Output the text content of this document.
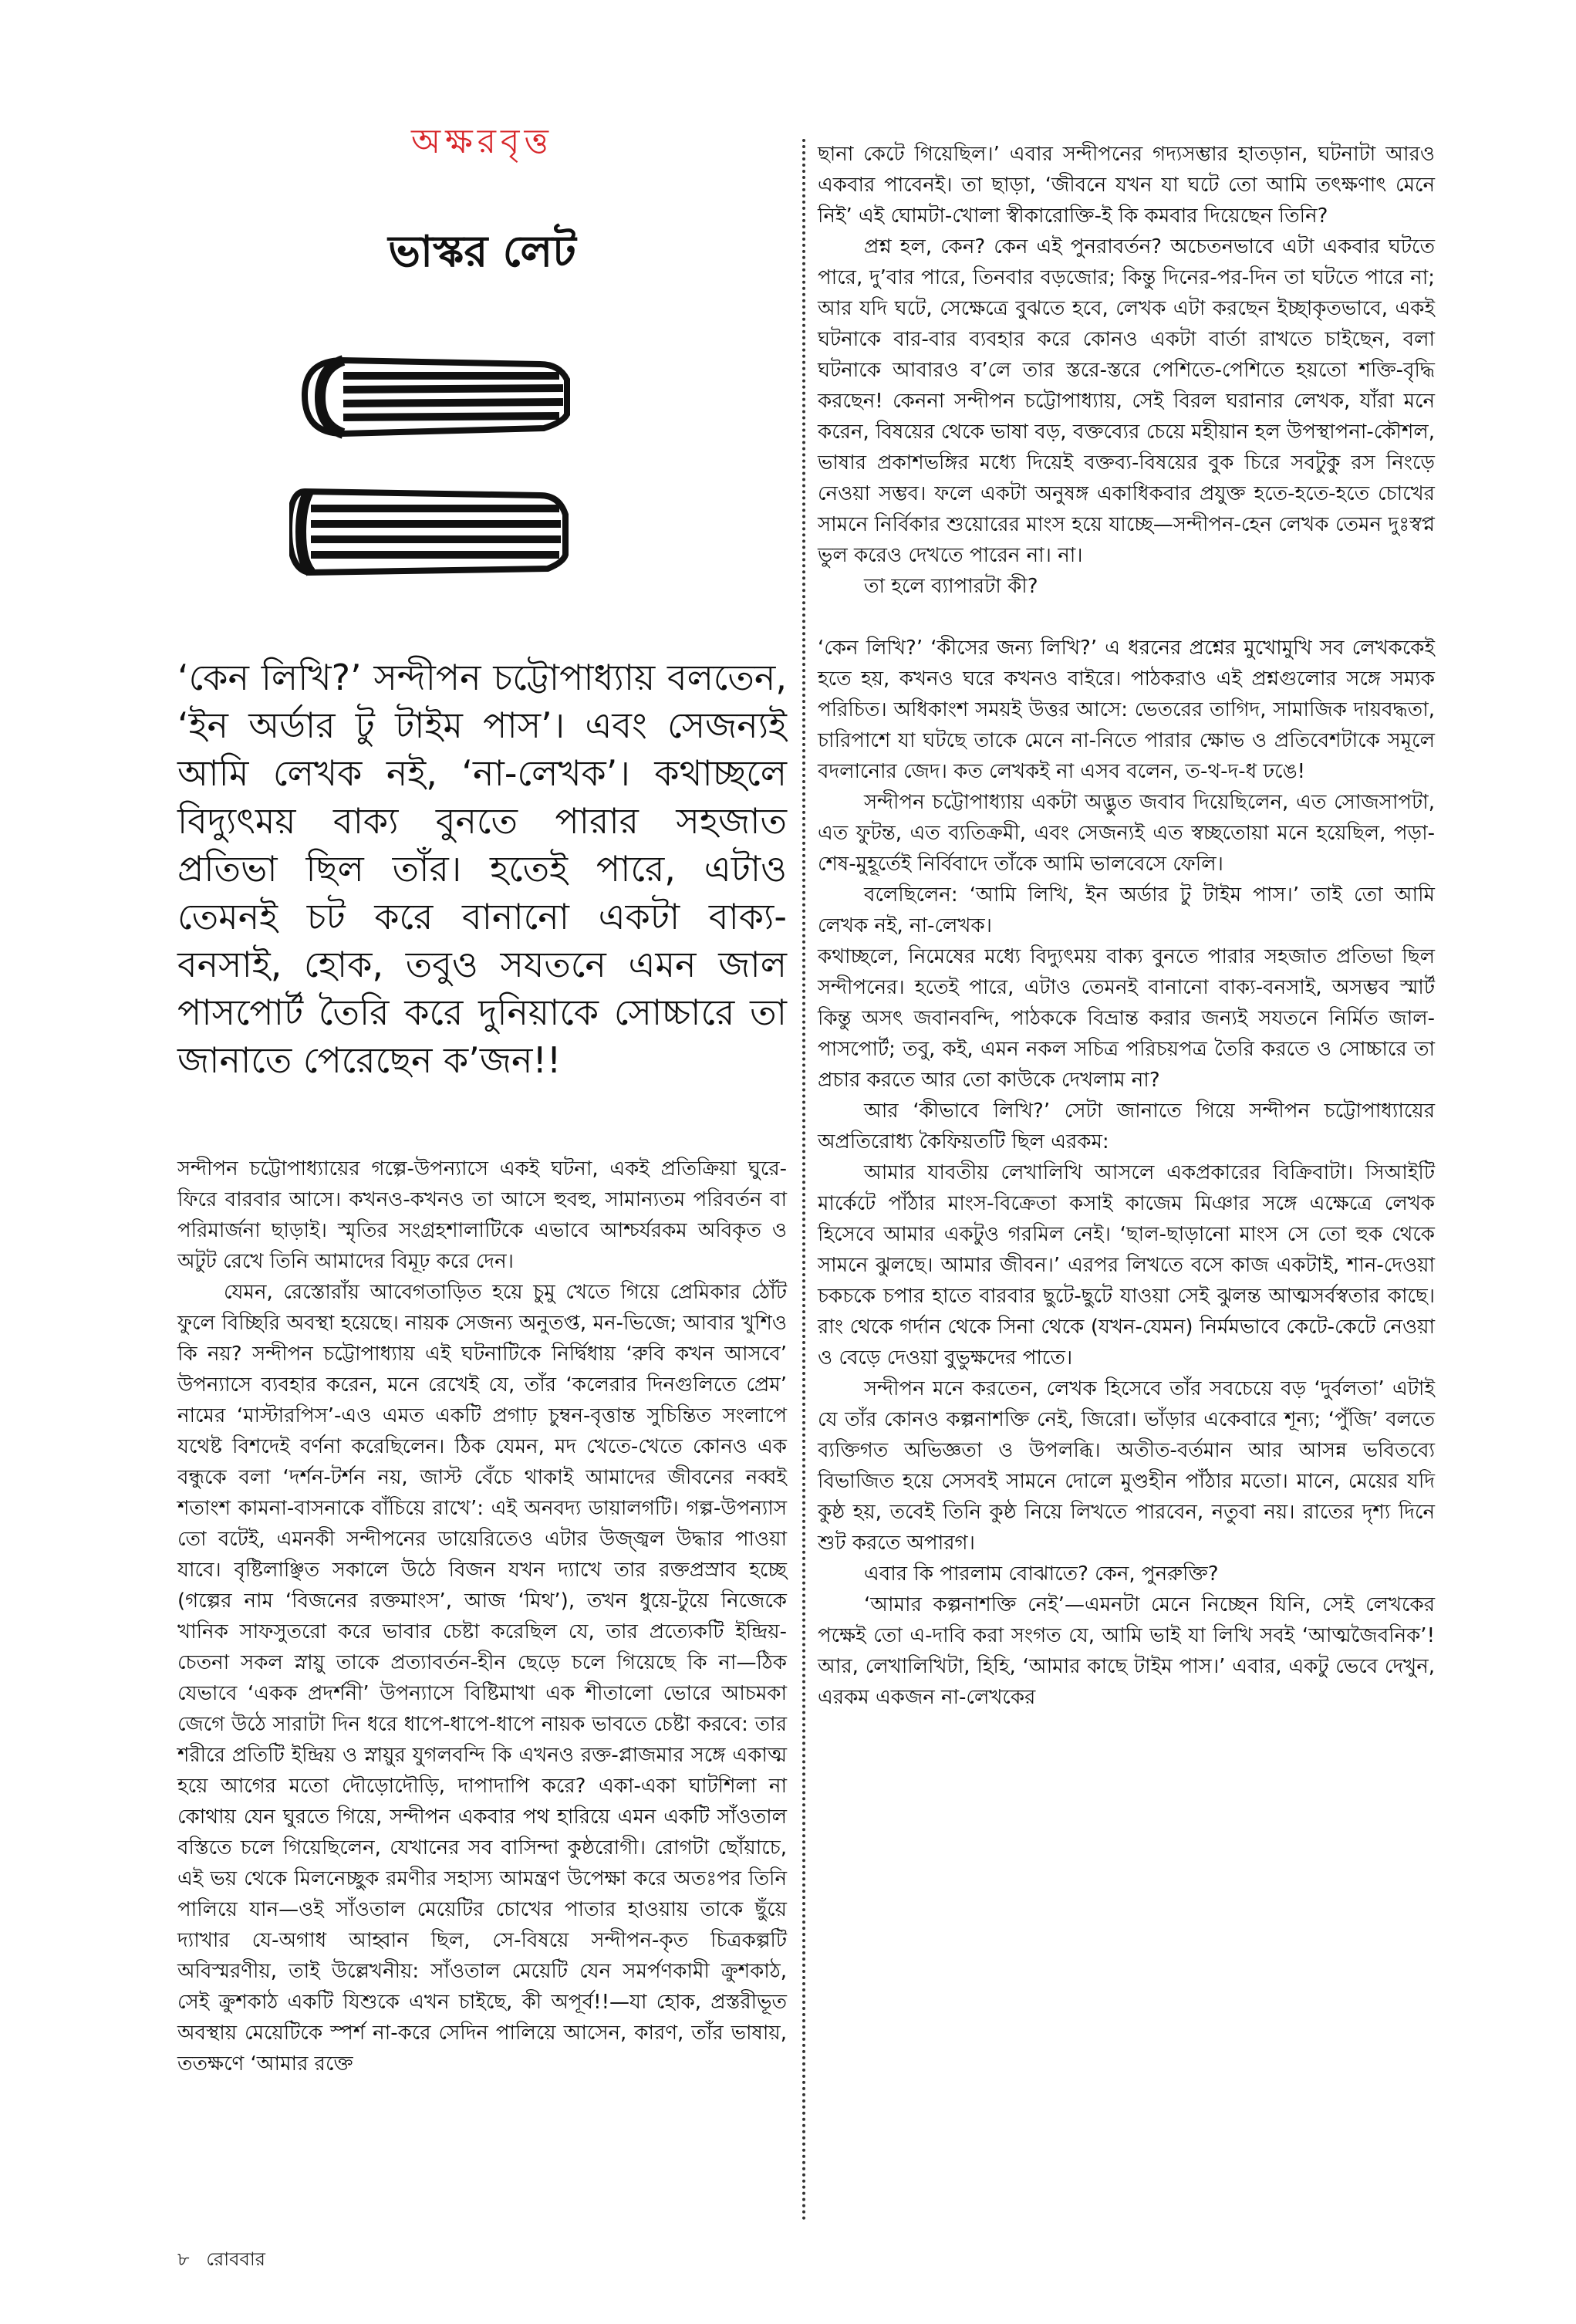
অক্ষরবৃত্ত
ভাস্কর লেট
‘কেন লিখি?’ সন্দীপন চট্টোপাধ্যায় বলতেন, ‘ইন অর্ডার টু টাইম পাস’। এবং সেজন্যই আমি লেখক নই, ‘না-লেখক’। কথাচ্ছলে বিদ্যুৎময় বাক্য বুনতে পারার সহজাত প্রতিভা ছিল তাঁর। হতেই পারে, এটাও তেমনই চট করে বানানো একটা বাক্য-বনসাই, হোক, তবুও সযতনে এমন জাল পাসপোর্ট তৈরি করে দুনিয়াকে সোচ্চারে তা জানাতে পেরেছেন ক’জন!!

সন্দীপন চট্টোপাধ্যায়ের গল্পে-উপন্যাসে একই ঘটনা, একই প্রতিক্রিয়া ঘুরে-ফিরে বারবার আসে। কখনও-কখনও তা আসে হুবহু, সামান্যতম পরিবর্তন বা পরিমার্জনা ছাড়াই। স্মৃতির সংগ্রহশালাটিকে এভাবে আশ্চর্যরকম অবিকৃত ও অটুট রেখে তিনি আমাদের বিমূঢ় করে দেন।

যেমন, রেস্তোরাঁয় আবেগতাড়িত হয়ে চুমু খেতে গিয়ে প্রেমিকার ঠোঁট ফুলে বিচ্ছিরি অবস্থা হয়েছে। নায়ক সেজন্য অনুতপ্ত, মন-ভিজে; আবার খুশিও কি নয়? সন্দীপন চট্টোপাধ্যায় এই ঘটনাটিকে নির্দ্বিধায় ‘রুবি কখন আসবে’ উপন্যাসে ব্যবহার করেন, মনে রেখেই যে, তাঁর ‘কলেরার দিনগুলিতে প্রেম’ নামের ‘মাস্টারপিস’-এও এমত একটি প্রগাঢ় চুম্বন-বৃত্তান্ত সুচিন্তিত সংলাপে যথেষ্ট বিশদেই বর্ণনা করেছিলেন। ঠিক যেমন, মদ খেতে-খেতে কোনও এক বন্ধুকে বলা ‘দর্শন-টর্শন নয়, জাস্ট বেঁচে থাকাই আমাদের জীবনের নব্বই শতাংশ কামনা-বাসনাকে বাঁচিয়ে রাখে’: এই অনবদ্য ডায়ালগটি। গল্প-উপন্যাস তো বটেই, এমনকী সন্দীপনের ডায়েরিতেও এটার উজ্জ্বল উদ্ধার পাওয়া যাবে। বৃষ্টিলাঞ্ছিত সকালে উঠে বিজন যখন দ্যাখে তার রক্তপ্রস্রাব হচ্ছে (গল্পের নাম ‘বিজনের রক্তমাংস’, আজ ‘মিথ’), তখন ধুয়ে-টুয়ে নিজেকে খানিক সাফসুতরো করে ভাবার চেষ্টা করেছিল যে, তার প্রত্যেকটি ইন্দ্রিয়-চেতনা সকল স্নায়ু তাকে প্রত্যাবর্তন-হীন ছেড়ে চলে গিয়েছে কি না—ঠিক যেভাবে ‘একক প্রদর্শনী’ উপন্যাসে বিষ্টিমাখা এক শীতালো ভোরে আচমকা জেগে উঠে সারাটা দিন ধরে ধাপে-ধাপে-ধাপে নায়ক ভাবতে চেষ্টা করবে: তার শরীরে প্রতিটি ইন্দ্রিয় ও স্নায়ুর যুগলবন্দি কি এখনও রক্ত-প্লাজমার সঙ্গে একাত্ম হয়ে আগের মতো দৌড়োদৌড়ি, দাপাদাপি করে? একা-একা ঘাটশিলা না কোথায় যেন ঘুরতে গিয়ে, সন্দীপন একবার পথ হারিয়ে এমন একটি সাঁওতাল বস্তিতে চলে গিয়েছিলেন, যেখানের সব বাসিন্দা কুষ্ঠরোগী। রোগটা ছোঁয়াচে, এই ভয় থেকে মিলনেচ্ছুক রমণীর সহাস্য আমন্ত্রণ উপেক্ষা করে অতঃপর তিনি পালিয়ে যান—ওই সাঁওতাল মেয়েটির চোখের পাতার হাওয়ায় তাকে ছুঁয়ে দ্যাখার যে-অগাধ আহ্বান ছিল, সে-বিষয়ে সন্দীপন-কৃত চিত্রকল্পটি অবিস্মরণীয়, তাই উল্লেখনীয়: সাঁওতাল মেয়েটি যেন সমর্পণকামী ক্রুশকাঠ, সেই ক্রুশকাঠ একটি যিশুকে এখন চাইছে, কী অপূর্ব!!—যা হোক, প্রস্তরীভূত অবস্থায় মেয়েটিকে স্পর্শ না-করে সেদিন পালিয়ে আসেন, কারণ, তাঁর ভাষায়, ততক্ষণে ‘আমার রক্তে

ছানা কেটে গিয়েছিল।’ এবার সন্দীপনের গদ্যসম্ভার হাতড়ান, ঘটনাটা আরও একবার পাবেনই। তা ছাড়া, ‘জীবনে যখন যা ঘটে তো আমি তৎক্ষণাৎ মেনে নিই’ এই ঘোমটা-খোলা স্বীকারোক্তি-ই কি কমবার দিয়েছেন তিনি?

প্রশ্ন হল, কেন? কেন এই পুনরাবর্তন? অচেতনভাবে এটা একবার ঘটতে পারে, দু’বার পারে, তিনবার বড়জোর; কিন্তু দিনের-পর-দিন তা ঘটতে পারে না; আর যদি ঘটে, সেক্ষেত্রে বুঝতে হবে, লেখক এটা করছেন ইচ্ছাকৃতভাবে, একই ঘটনাকে বার-বার ব্যবহার করে কোনও একটা বার্তা রাখতে চাইছেন, বলা ঘটনাকে আবারও ব’লে তার স্তরে-স্তরে পেশিতে-পেশিতে হয়তো শক্তি-বৃদ্ধি করছেন! কেননা সন্দীপন চট্টোপাধ্যায়, সেই বিরল ঘরানার লেখক, যাঁরা মনে করেন, বিষয়ের থেকে ভাষা বড়, বক্তব্যের চেয়ে মহীয়ান হল উপস্থাপনা-কৌশল, ভাষার প্রকাশভঙ্গির মধ্যে দিয়েই বক্তব্য-বিষয়ের বুক চিরে সবটুকু রস নিংড়ে নেওয়া সম্ভব। ফলে একটা অনুষঙ্গ একাধিকবার প্রযুক্ত হতে-হতে-হতে চোখের সামনে নির্বিকার শুয়োরের মাংস হয়ে যাচ্ছে—সন্দীপন-হেন লেখক তেমন দুঃস্বপ্ন ভুল করেও দেখতে পারেন না। না।

তা হলে ব্যাপারটা কী?

‘কেন লিখি?’ ‘কীসের জন্য লিখি?’ এ ধরনের প্রশ্নের মুখোমুখি সব লেখককেই হতে হয়, কখনও ঘরে কখনও বাইরে। পাঠকরাও এই প্রশ্নগুলোর সঙ্গে সম্যক পরিচিত। অধিকাংশ সময়ই উত্তর আসে: ভেতরের তাগিদ, সামাজিক দায়বদ্ধতা, চারিপাশে যা ঘটছে তাকে মেনে না-নিতে পারার ক্ষোভ ও প্রতিবেশটাকে সমূলে বদলানোর জেদ। কত লেখকই না এসব বলেন, ত-থ-দ-ধ ঢঙে!

সন্দীপন চট্টোপাধ্যায় একটা অদ্ভুত জবাব দিয়েছিলেন, এত সোজসাপটা, এত ফুটন্ত, এত ব্যতিক্রমী, এবং সেজন্যই এত স্বচ্ছতোয়া মনে হয়েছিল, পড়া-শেষ-মুহূর্তেই নির্বিবাদে তাঁকে আমি ভালবেসে ফেলি।

বলেছিলেন: ‘আমি লিখি, ইন অর্ডার টু টাইম পাস।’ তাই তো আমি লেখক নই, না-লেখক।

কথাচ্ছলে, নিমেষের মধ্যে বিদ্যুৎময় বাক্য বুনতে পারার সহজাত প্রতিভা ছিল সন্দীপনের। হতেই পারে, এটাও তেমনই বানানো বাক্য-বনসাই, অসম্ভব স্মার্ট কিন্তু অসৎ জবানবন্দি, পাঠককে বিভ্রান্ত করার জন্যই সযতনে নির্মিত জাল-পাসপোর্ট; তবু, কই, এমন নকল সচিত্র পরিচয়পত্র তৈরি করতে ও সোচ্চারে তা প্রচার করতে আর তো কাউকে দেখলাম না?

আর ‘কীভাবে লিখি?’ সেটা জানাতে গিয়ে সন্দীপন চট্টোপাধ্যায়ের অপ্রতিরোধ্য কৈফিয়তটি ছিল এরকম:

আমার যাবতীয় লেখালিখি আসলে একপ্রকারের বিক্রিবাটা। সিআইটি মার্কেটে পাঁঠার মাংস-বিক্রেতা কসাই কাজেম মিঞার সঙ্গে এক্ষেত্রে লেখক হিসেবে আমার একটুও গরমিল নেই। ‘ছাল-ছাড়ানো মাংস সে তো হুক থেকে সামনে ঝুলছে। আমার জীবন।’ এরপর লিখতে বসে কাজ একটাই, শান-দেওয়া চকচকে চপার হাতে বারবার ছুটে-ছুটে যাওয়া সেই ঝুলন্ত আত্মসর্বস্বতার কাছে। রাং থেকে গর্দান থেকে সিনা থেকে (যখন-যেমন) নির্মমভাবে কেটে-কেটে নেওয়া ও বেড়ে দেওয়া বুভুক্ষদের পাতে।

সন্দীপন মনে করতেন, লেখক হিসেবে তাঁর সবচেয়ে বড় ‘দুর্বলতা’ এটাই যে তাঁর কোনও কল্পনাশক্তি নেই, জিরো। ভাঁড়ার একেবারে শূন্য; ‘পুঁজি’ বলতে ব্যক্তিগত অভিজ্ঞতা ও উপলব্ধি। অতীত-বর্তমান আর আসন্ন ভবিতব্যে বিভাজিত হয়ে সেসবই সামনে দোলে মুণ্ডহীন পাঁঠার মতো। মানে, মেয়ের যদি কুষ্ঠ হয়, তবেই তিনি কুষ্ঠ নিয়ে লিখতে পারবেন, নতুবা নয়। রাতের দৃশ্য দিনে শুট করতে অপারগ।

এবার কি পারলাম বোঝাতে? কেন, পুনরুক্তি?

‘আমার কল্পনাশক্তি নেই’—এমনটা মেনে নিচ্ছেন যিনি, সেই লেখকের পক্ষেই তো এ-দাবি করা সংগত যে, আমি ভাই যা লিখি সবই ‘আত্মজৈবনিক’! আর, লেখালিখিটা, হিহি, ‘আমার কাছে টাইম পাস।’ এবার, একটু ভেবে দেখুন, এরকম একজন না-লেখকের

৮ রোববার
